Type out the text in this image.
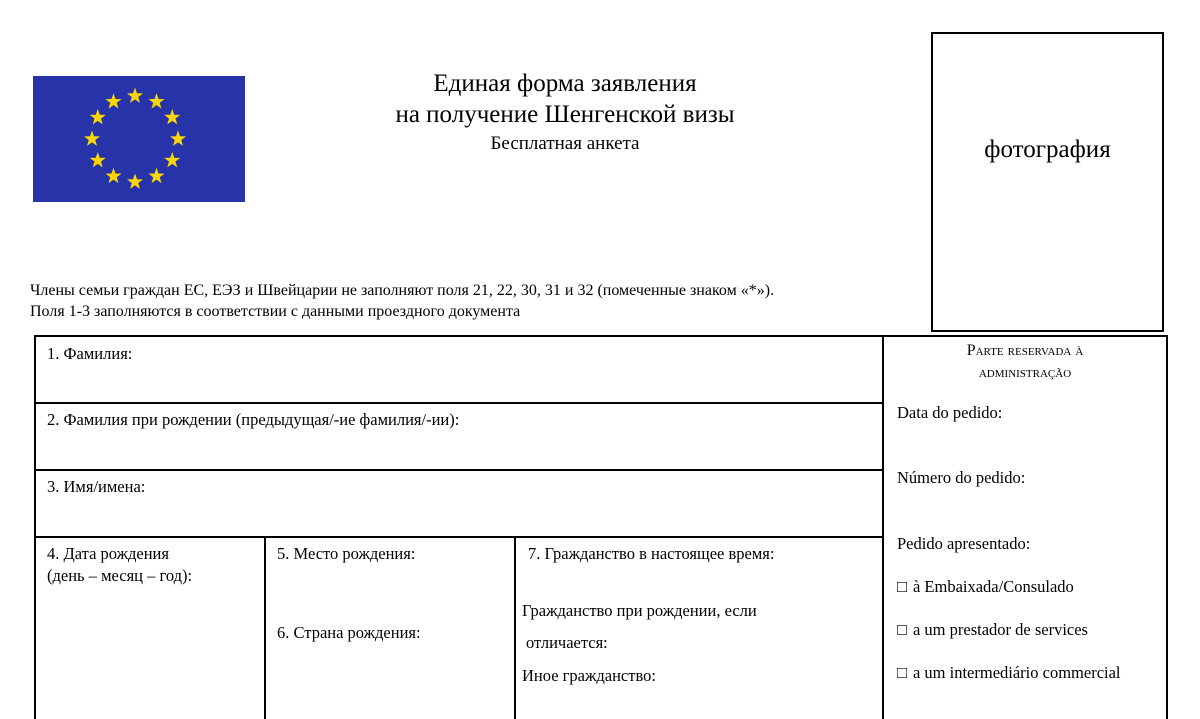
Единая форма заявления
на получение Шенгенской визы
Бесплатная анкета	фотография
Члены семьи граждан ЕС, ЕЭЗ и Швейцарии не заполняют поля 21, 22, 30, 31 и 32 (помеченные знаком «*»).
Поля 1-3 заполняются в соответствии с данными проездного документа
1. Фамилия:
2. Фамилия при рождении (предыдущая/-ие фамилия/-ии):
3. Имя/имена:
4. Дата рождения
(день – месяц – год):
5. Место рождения:
6. Страна рождения:
7. Гражданство в настоящее время:
Гражданство при рождении, если
отличается:
Иное гражданство:
Parte reservada à
administração
Data do pedido:
Número do pedido:
Pedido apresentado:
□ à Embaixada/Consulado
□ a um prestador de services
□ a um intermediário commercial
